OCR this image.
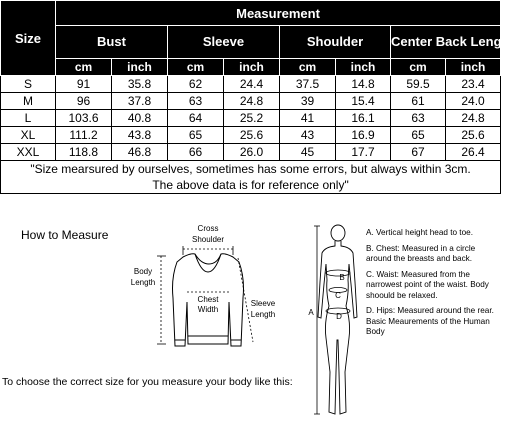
Size	Measurement							
	Bust		Sleeve		Shoulder		Center Back Length	
	cm	inch	cm	inch	cm	inch	cm	inch
S	91	35.8	62	24.4	37.5	14.8	59.5	23.4
M	96	37.8	63	24.8	39	15.4	61	24.0
L	103.6	40.8	64	25.2	41	16.1	63	24.8
XL	111.2	43.8	65	25.6	43	16.9	65	25.6
XXL	118.8	46.8	66	26.0	45	17.7	67	26.4
"Size mearsured by ourselves, sometimes has some errors, but always within 3cm.
The above data is for reference only"								
How to Measure	Cross
Shoulder
Body
Length
Chest
Width
Sleeve
Length	A
B
C
D

A. Vertical height head to toe.

B. Chest: Measured in a circle around the breasts and back.

C. Waist: Measured from the narrowest point of the waist. Body shoould be relaxed.

D. Hips: Measured around the rear. Basic Meaurements of the Human Body

To choose the correct size for you measure your body like this:
